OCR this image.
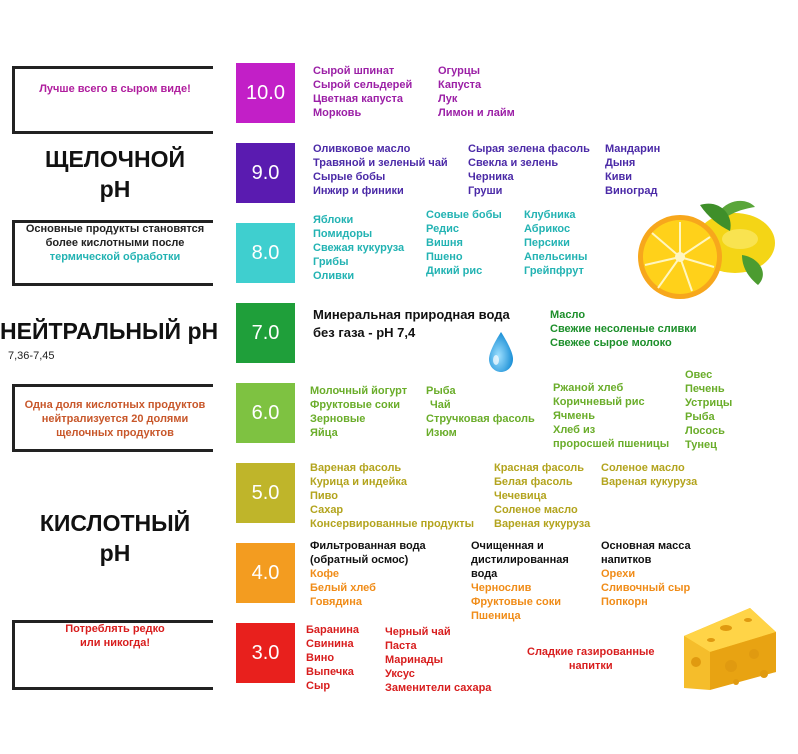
Лучше всего в сыром виде!
ЩЕЛОЧНОЙ
pH
Основные продукты становятся
более кислотными после
термической обработки
НЕЙТРАЛЬНЫЙ pH
7,36-7,45
Одна доля кислотных продуктов
нейтрализуется 20 долями
щелочных продуктов
КИСЛОТНЫЙ
pH
Потреблять редко
или никогда!
10.0
9.0
8.0
7.0
6.0
5.0
4.0
3.0
Сырой шпинат
Сырой сельдерей
Цветная капуста
Морковь
Огурцы
Капуста
Лук
Лимон и лайм
Оливковое масло
Травяной и зеленый чай
Сырые бобы
Инжир и финики
Сырая зелена фасоль
Свекла и зелень
Черника
Груши
Мандарин
Дыня
Киви
Виноград
Яблоки
Помидоры
Свежая кукуруза
Грибы
Оливки
Соевые бобы
Редис
Вишня
Пшено
Дикий рис
Клубника
Абрикос
Персики
Апельсины
Грейпфрут
Минеральная природная вода
без газа - pH 7,4
Масло
Свежие несоленые сливки
Свежее сырое молоко
Молочный йогурт
Фруктовые соки
Зерновые
Яйца
Рыба
Чай
Стручковая фасоль
Изюм
Ржаной хлеб
Коричневый рис
Ячмень
Хлеб из
проросшей пшеницы
Овес
Печень
Устрицы
Рыба
Лосось
Тунец
Вареная фасоль
Курица и индейка
Пиво
Сахар
Консервированные продукты
Красная фасоль
Белая фасоль
Чечевица
Соленое масло
Вареная кукуруза
Соленое масло
Вареная кукуруза
Фильтрованная вода
(обратный осмос)
Кофе
Белый хлеб
Говядина
Очищенная и
дистилированная
вода
Чернослив
Фруктовые соки
Пшеница
Основная масса
напитков
Орехи
Сливочный сыр
Попкорн
Баранина
Свинина
Вино
Выпечка
Сыр
Черный чай
Паста
Маринады
Уксус
Заменители сахара
Сладкие газированные
напитки
